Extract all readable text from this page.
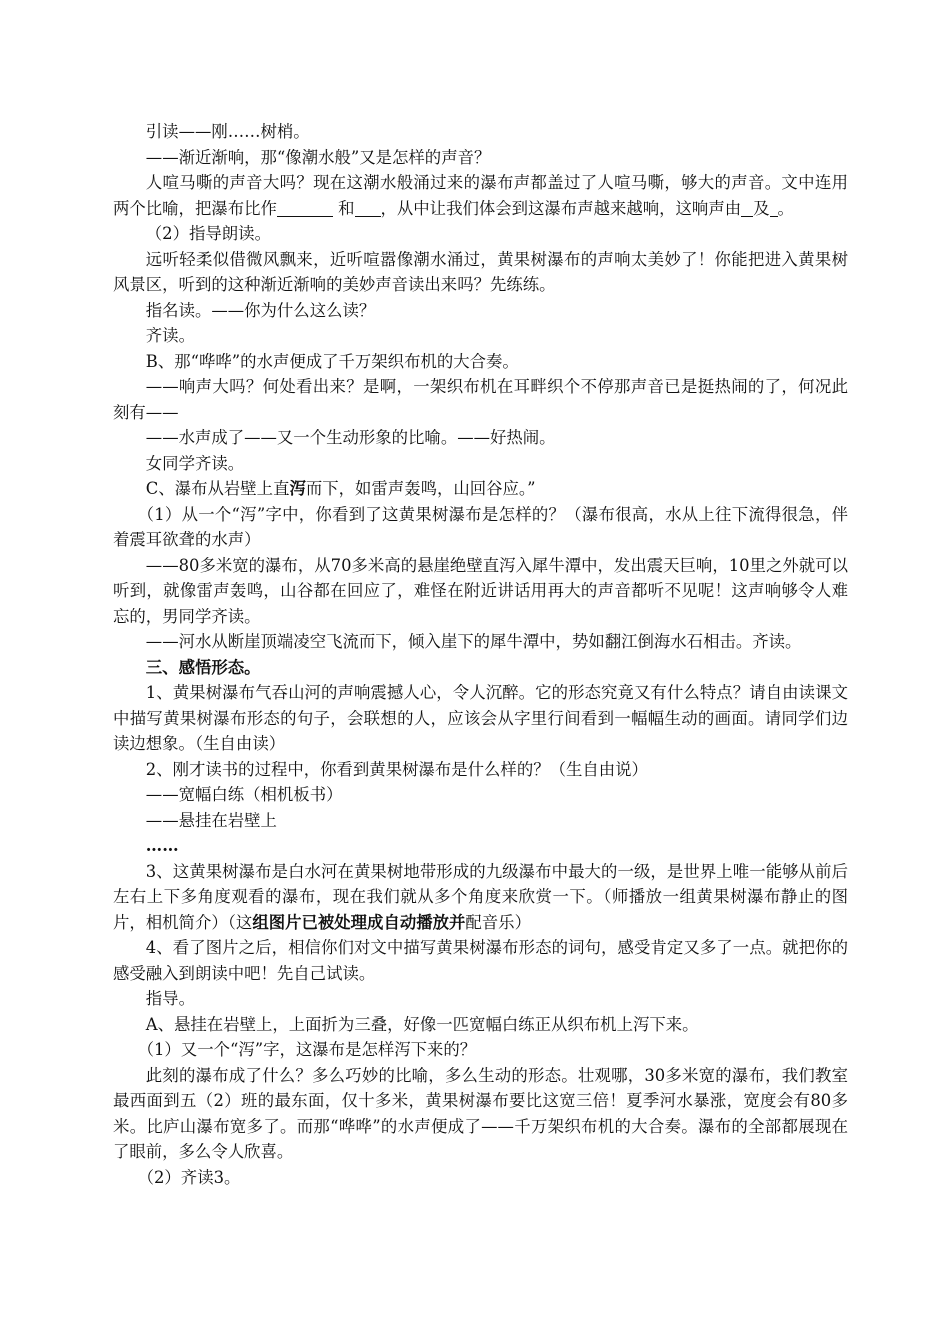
引读——刚……树梢。

——渐近渐响，那“像潮水般”又是怎样的声音？

人喧马嘶的声音大吗？现在这潮水般涌过来的瀑布声都盖过了人喧马嘶，够大的声音。文中连用两个比喻，把瀑布比作	和 ，从中让我们体会到这瀑布声越来越响，这响声由 及 。

（2）指导朗读。

远听轻柔似借微风飘来，近听喧嚣像潮水涌过，黄果树瀑布的声响太美妙了！你能把进入黄果树风景区，听到的这种渐近渐响的美妙声音读出来吗？先练练。

指名读。——你为什么这么读？

齐读。

B、那“哗哗”的水声便成了千万架织布机的大合奏。

——响声大吗？何处看出来？是啊，一架织布机在耳畔织个不停那声音已是挺热闹的了，何况此刻有——

——水声成了——又一个生动形象的比喻。——好热闹。

女同学齐读。

C、瀑布从岩壁上直泻而下，如雷声轰鸣，山回谷应。”

（1）从一个“泻”字中，你看到了这黄果树瀑布是怎样的？（瀑布很高，水从上往下流得很急，伴着震耳欲聋的水声）

——80多米宽的瀑布，从70多米高的悬崖绝壁直泻入犀牛潭中，发出震天巨响，10里之外就可以听到，就像雷声轰鸣，山谷都在回应了，难怪在附近讲话用再大的声音都听不见呢！这声响够令人难忘的，男同学齐读。

——河水从断崖顶端凌空飞流而下，倾入崖下的犀牛潭中，势如翻江倒海水石相击。齐读。

三、感悟形态。

1、黄果树瀑布气吞山河的声响震撼人心，令人沉醉。它的形态究竟又有什么特点？请自由读课文中描写黄果树瀑布形态的句子，会联想的人，应该会从字里行间看到一幅幅生动的画面。请同学们边读边想象。（生自由读）

2、刚才读书的过程中，你看到黄果树瀑布是什么样的？（生自由说）

——宽幅白练（相机板书）

——悬挂在岩壁上

……

3、这黄果树瀑布是白水河在黄果树地带形成的九级瀑布中最大的一级，是世界上唯一能够从前后左右上下多角度观看的瀑布，现在我们就从多个角度来欣赏一下。（师播放一组黄果树瀑布静止的图片，相机简介）（这组图片已被处理成自动播放并配音乐）

4、看了图片之后，相信你们对文中描写黄果树瀑布形态的词句，感受肯定又多了一点。就把你的感受融入到朗读中吧！先自己试读。

指导。

A、悬挂在岩壁上，上面折为三叠，好像一匹宽幅白练正从织布机上泻下来。

（1）又一个“泻”字，这瀑布是怎样泻下来的？

此刻的瀑布成了什么？多么巧妙的比喻，多么生动的形态。壮观哪，30多米宽的瀑布，我们教室最西面到五（2）班的最东面，仅十多米，黄果树瀑布要比这宽三倍！夏季河水暴涨，宽度会有80多米。比庐山瀑布宽多了。而那“哗哗”的水声便成了——千万架织布机的大合奏。瀑布的全部都展现在了眼前，多么令人欣喜。

（2）齐读3。
